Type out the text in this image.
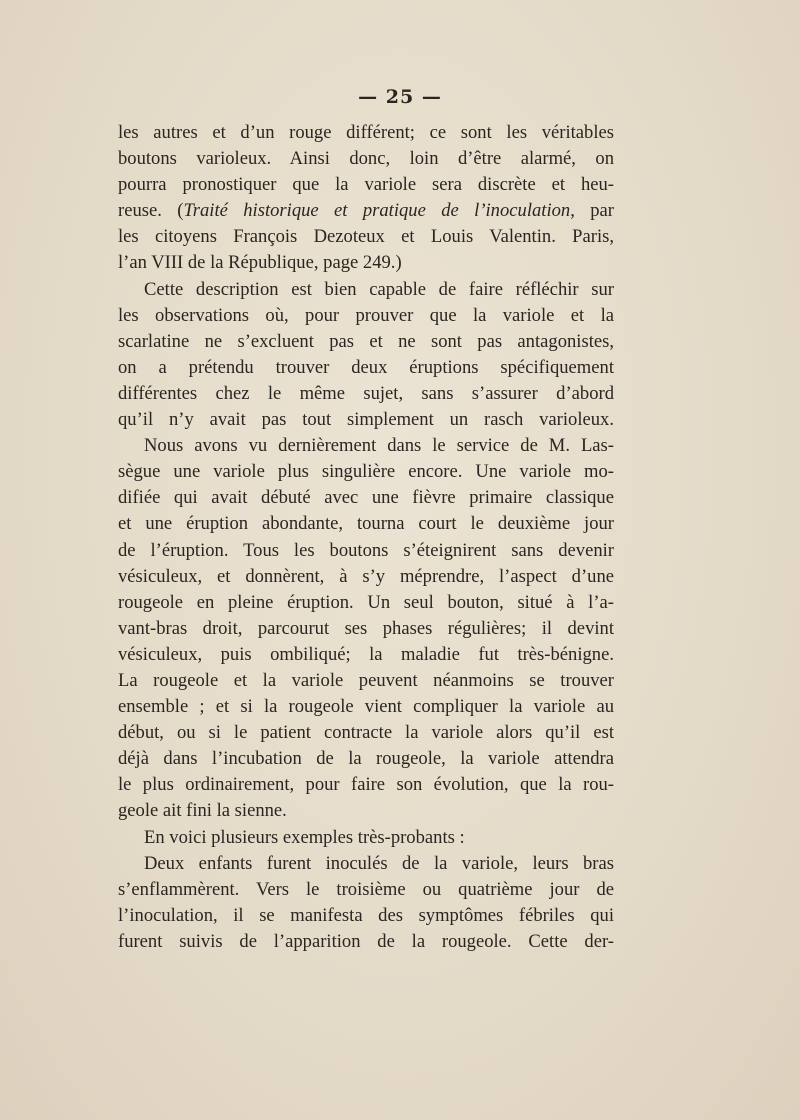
— 25 —
les autres et d’un rouge différent; ce sont les véritables
boutons varioleux. Ainsi donc, loin d’être alarmé, on
pourra pronostiquer que la variole sera discrète et heu-
reuse. (Traité historique et pratique de l’inoculation, par
les citoyens François Dezoteux et Louis Valentin. Paris,
l’an VIII de la République, page 249.)
Cette description est bien capable de faire réfléchir sur
les observations où, pour prouver que la variole et la
scarlatine ne s’excluent pas et ne sont pas antagonistes,
on a prétendu trouver deux éruptions spécifiquement
différentes chez le même sujet, sans s’assurer d’abord
qu’il n’y avait pas tout simplement un rasch varioleux.
Nous avons vu dernièrement dans le service de M. Las-
sègue une variole plus singulière encore. Une variole mo-
difiée qui avait débuté avec une fièvre primaire classique
et une éruption abondante, tourna court le deuxième jour
de l’éruption. Tous les boutons s’éteignirent sans devenir
vésiculeux, et donnèrent, à s’y méprendre, l’aspect d’une
rougeole en pleine éruption. Un seul bouton, situé à l’a-
vant-bras droit, parcourut ses phases régulières; il devint
vésiculeux, puis ombiliqué; la maladie fut très-bénigne.
La rougeole et la variole peuvent néanmoins se trouver
ensemble ; et si la rougeole vient compliquer la variole au
début, ou si le patient contracte la variole alors qu’il est
déjà dans l’incubation de la rougeole, la variole attendra
le plus ordinairement, pour faire son évolution, que la rou-
geole ait fini la sienne.
En voici plusieurs exemples très-probants :
Deux enfants furent inoculés de la variole, leurs bras
s’enflammèrent. Vers le troisième ou quatrième jour de
l’inoculation, il se manifesta des symptômes fébriles qui
furent suivis de l’apparition de la rougeole. Cette der-
